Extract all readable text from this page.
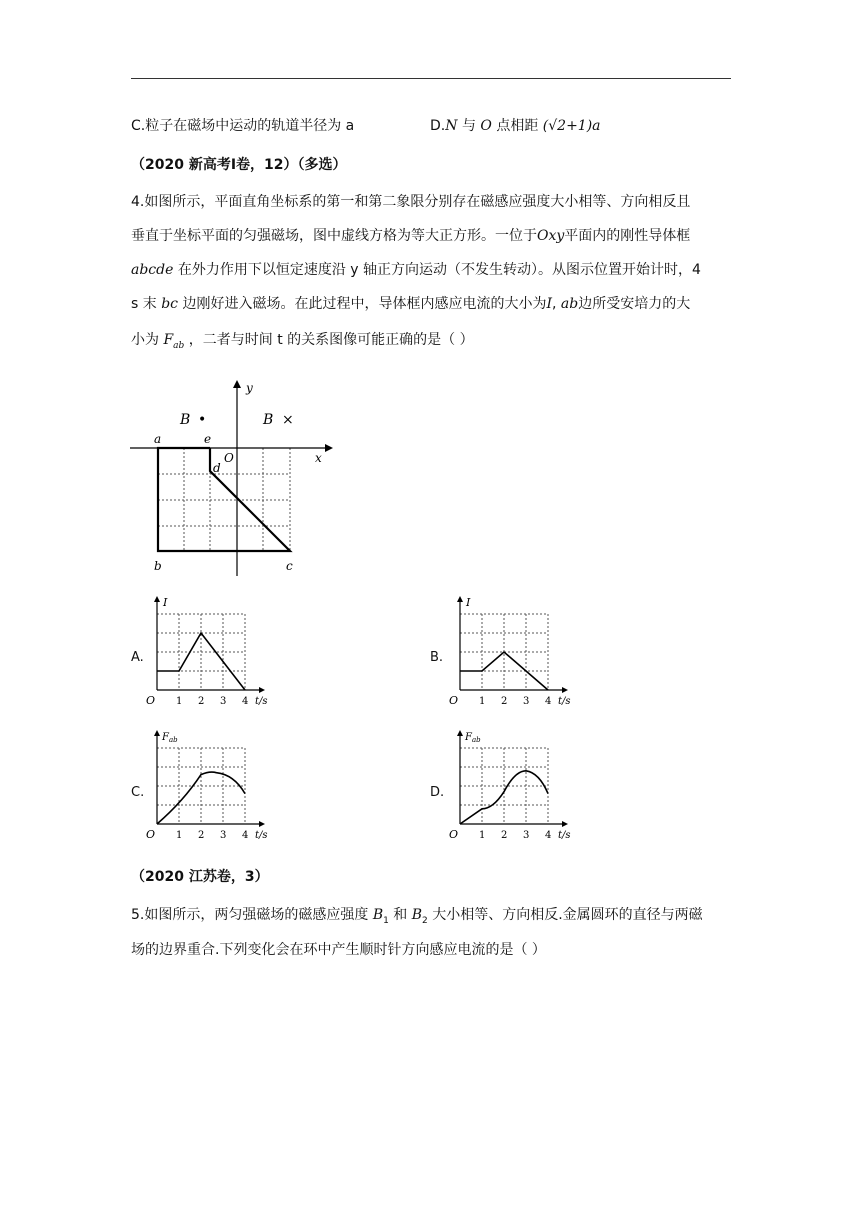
C.粒子在磁场中运动的轨道半径为 a	D.N 与 O 点相距 (√2+1)a
（2020 新高考Ⅰ卷，12）（多选）
4.如图所示，平面直角坐标系的第一和第二象限分别存在磁感应强度大小相等、方向相反且
垂直于坐标平面的匀强磁场，图中虚线方格为等大正方形。一位于Oxy平面内的刚性导体框
abcde 在外力作用下以恒定速度沿 y 轴正方向运动（不发生转动）。从图示位置开始计时，4
s 末 bc 边刚好进入磁场。在此过程中，导体框内感应电流的大小为I, ab边所受安培力的大
小为 $F_{ab}$ ，二者与时间 t 的关系图像可能正确的是（ ）
B •	B ×
y
x
O
a	e
d
b	c
A.	B.
C.	D.
O 1 2 3 4 t/s
I
O 1 2 3 4 t/s
I
O 1 2 3 4 t/s
F ab
O 1 2 3 4 t/s
F ab
（2020 江苏卷，3）
5.如图所示，两匀强磁场的磁感应强度 $B_1$ 和 $B_2$ 大小相等、方向相反.金属圆环的直径与两磁
场的边界重合.下列变化会在环中产生顺时针方向感应电流的是（ ）
